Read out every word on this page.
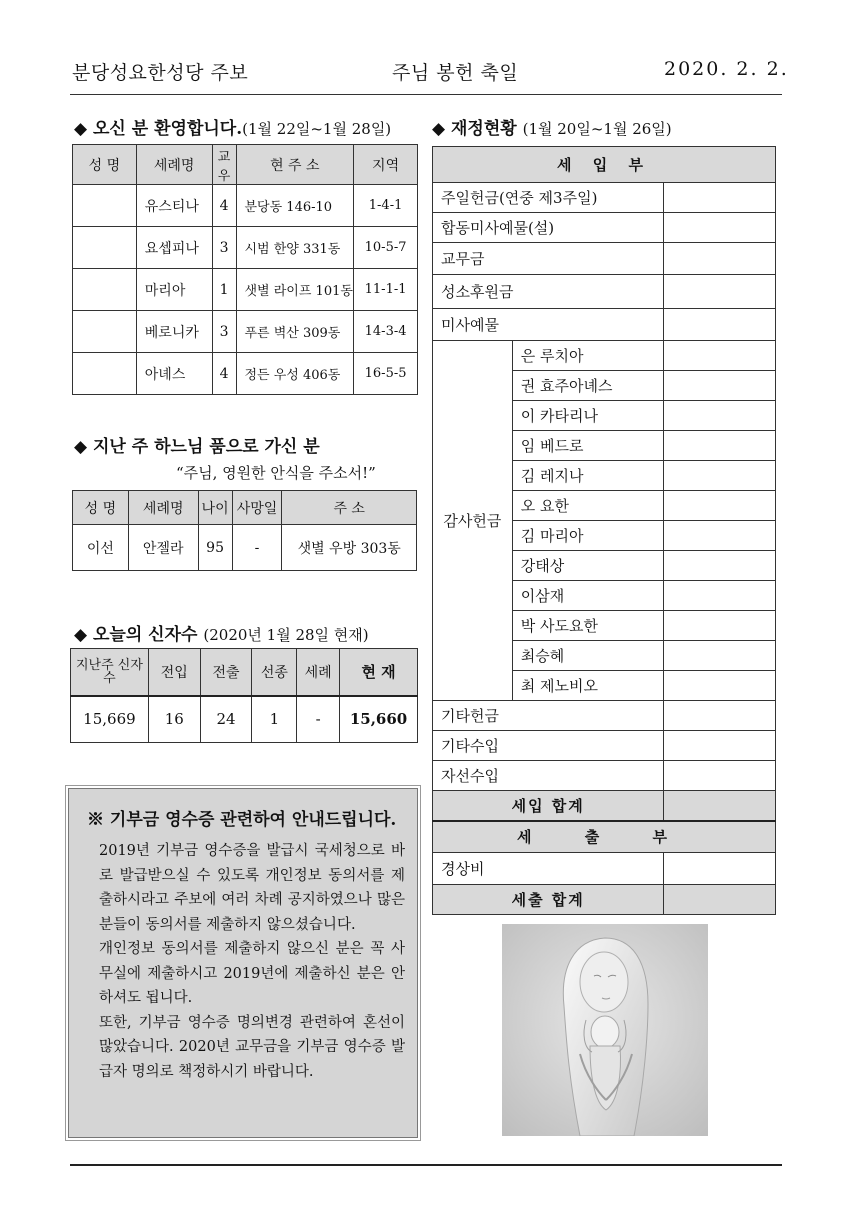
분당성요한성당 주보	주님 봉헌 축일	2020. 2. 2.
◆ 오신 분 환영합니다.(1월 22일~1월 28일)
성 명	세례명	교우	현 주 소	지역
	유스티나	4	분당동 146-10	1-4-1
	요셉피나	3	시범 한양 331동	10-5-7
	마리아	1	샛별 라이프 101동	11-1-1
	베로니카	3	푸른 벽산 309동	14-3-4
	아녜스	4	정든 우성 406동	16-5-5
◆ 지난 주 하느님 품으로 가신 분
“주님, 영원한 안식을 주소서!”
성 명	세례명	나이	사망일	주 소
이선	안젤라	95	-	샛별 우방 303동
◆ 오늘의 신자수 (2020년 1월 28일 현재)
지난주 신자수	전입	전출	선종	세례	현 재
15,669	16	24	1	-	15,660
※ 기부금 영수증 관련하여 안내드립니다.

2019년 기부금 영수증을 발급시 국세청으로 바로 발급받으실 수 있도록 개인정보 동의서를 제출하시라고 주보에 여러 차례 공지하였으나 많은 분들이 동의서를 제출하지 않으셨습니다.

개인정보 동의서를 제출하지 않으신 분은 꼭 사무실에 제출하시고 2019년에 제출하신 분은 안하셔도 됩니다.

또한, 기부금 영수증 명의변경 관련하여 혼선이 많았습니다. 2020년 교무금을 기부금 영수증 발급자 명의로 책정하시기 바랍니다.

◆ 재정현황 (1월 20일~1월 26일)
세 입 부		
주일헌금(연중 제3주일)		
합동미사예물(설)		
교무금		
성소후원금		
미사예물		
감사헌금	은 루치아	
	권 효주아녜스	
	이 카타리나	
	임 베드로	
	김 레지나	
	오 요한	
	김 마리아	
	강태상	
	이삼재	
	박 사도요한	
	최승혜	
	최 제노비오	
기타헌금		
기타수입		
자선수입		
세입 합계		
세 출 부		
경상비		
세출 합계		
